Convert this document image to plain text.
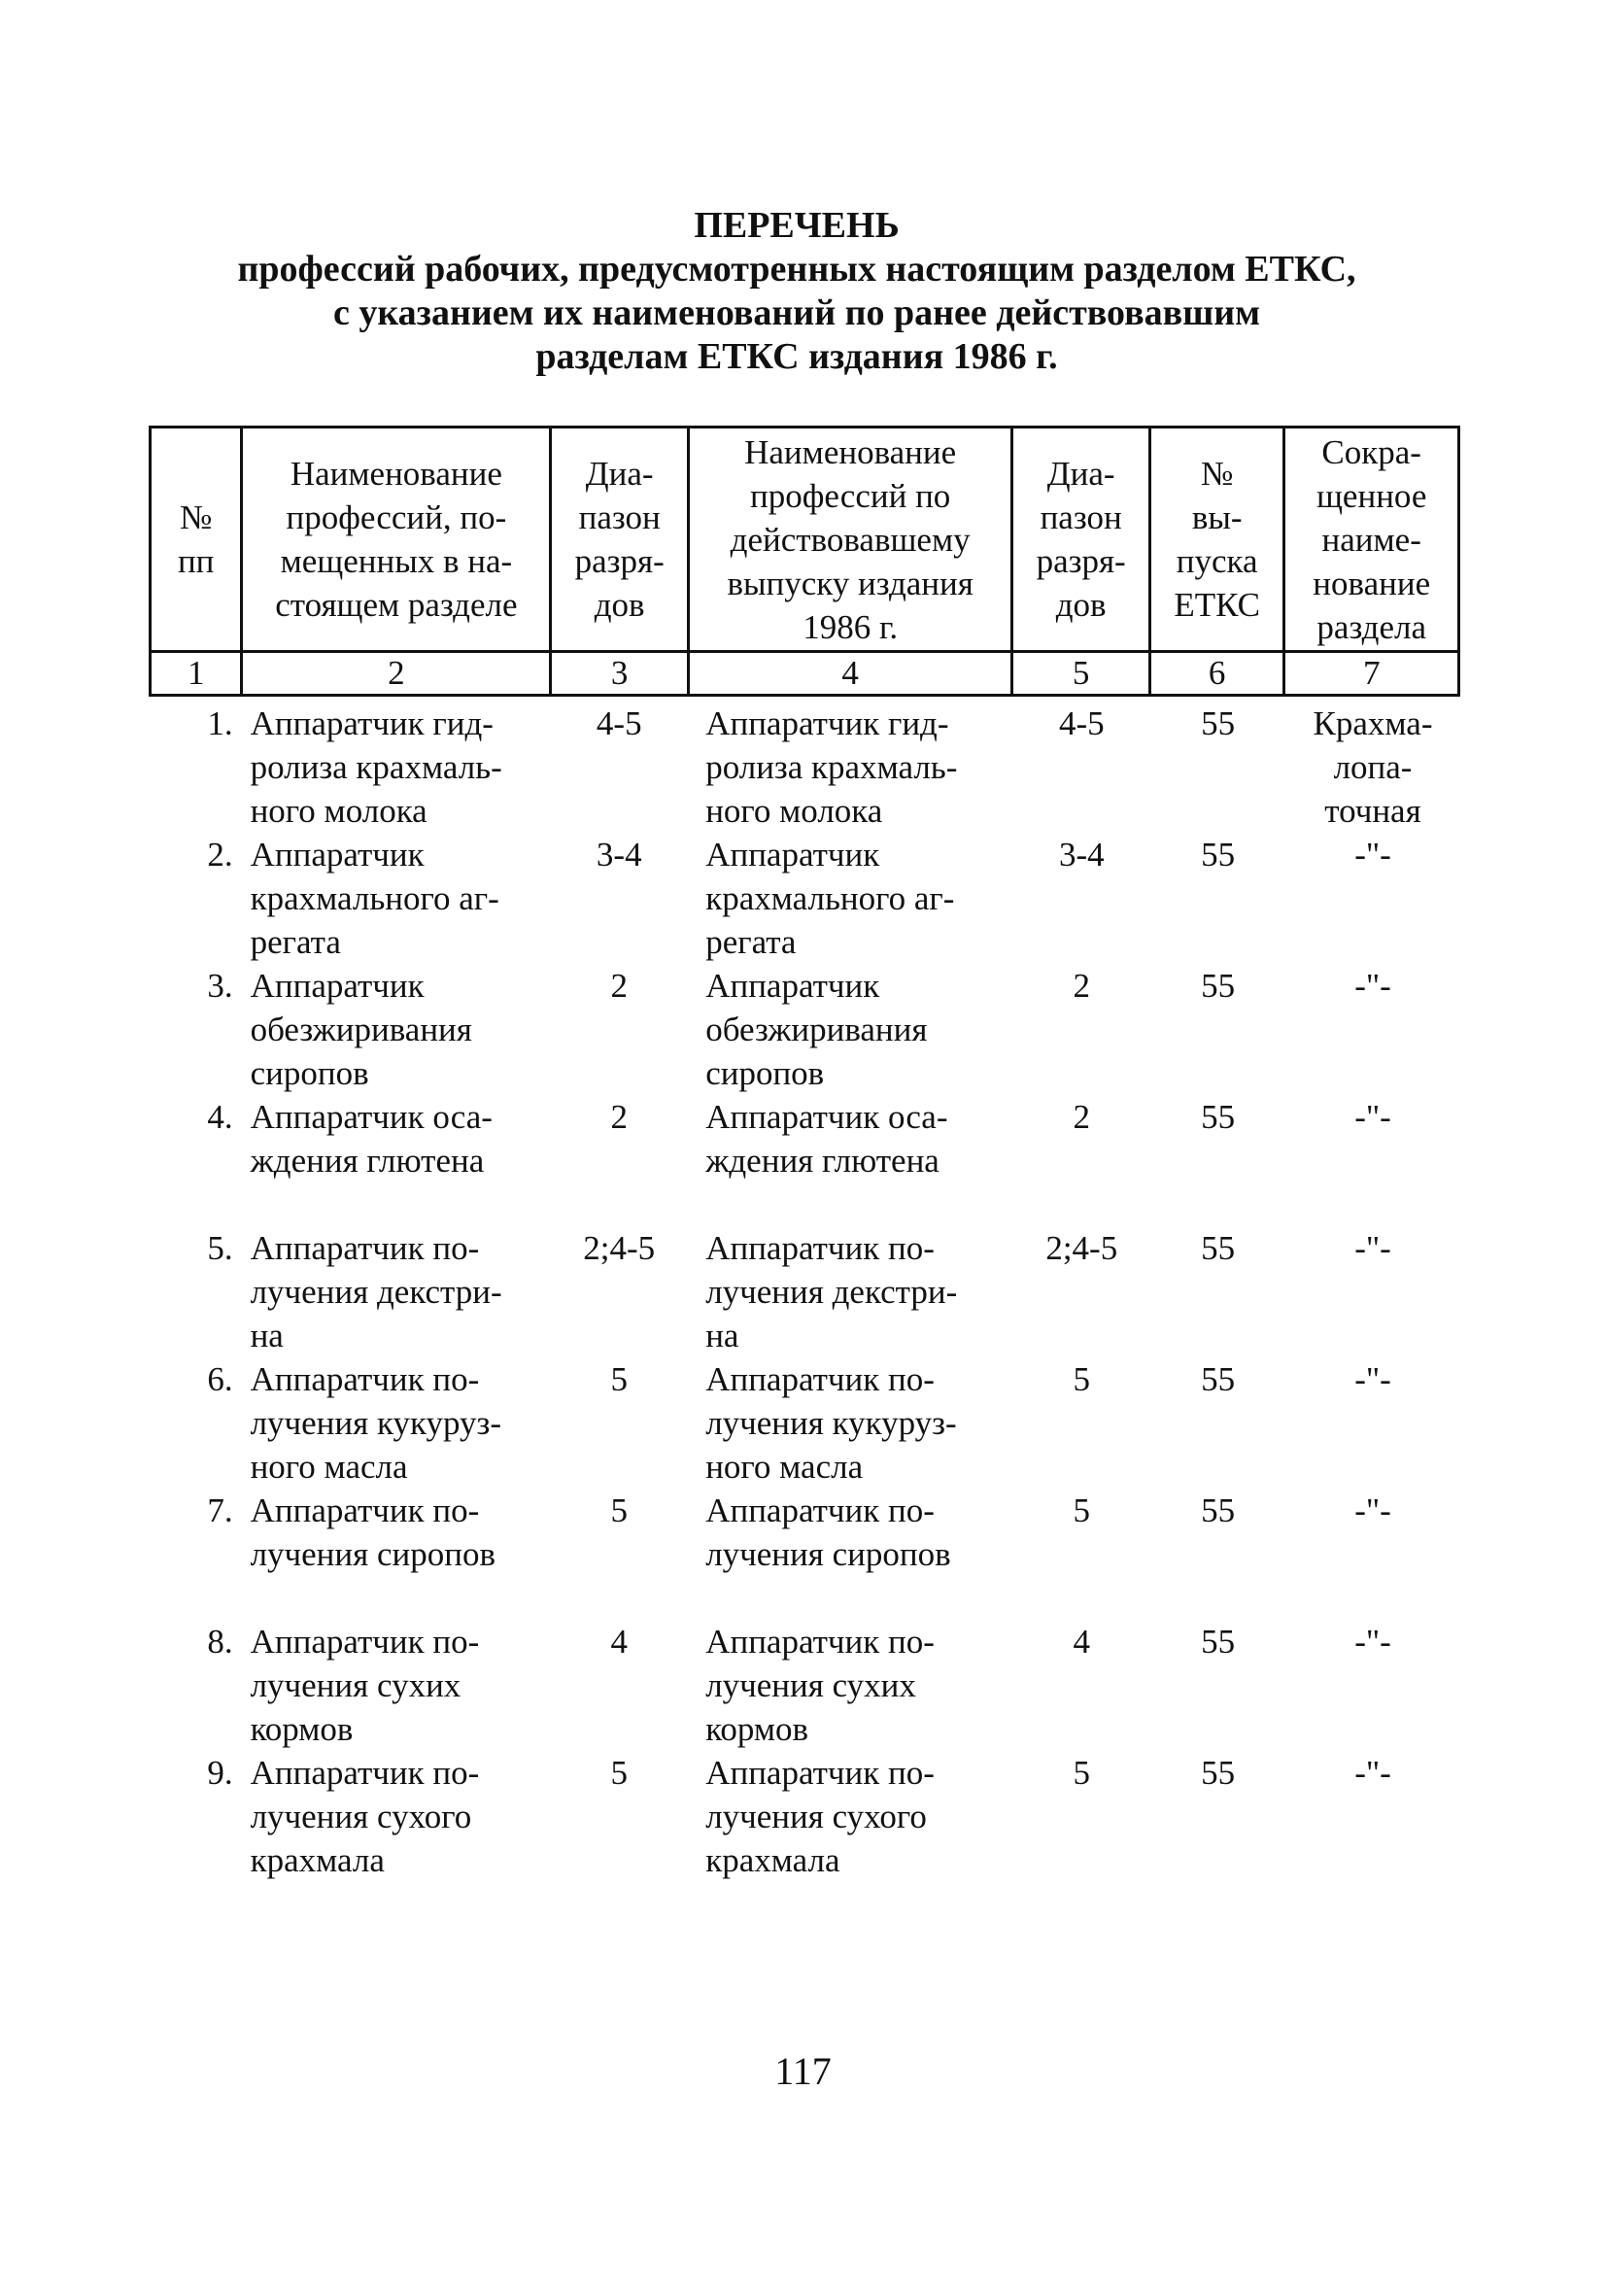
ПЕРЕЧЕНЬ
профессий рабочих, предусмотренных настоящим разделом ЕТКС,
с указанием их наименований по ранее действовавшим
разделам ЕТКС издания 1986 г.
№
пп	Наименование
профессий, по-
мещенных в на-
стоящем разделе	Диа-
пазон
разря-
дов	Наименование
профессий по
действовавшему
выпуску издания
1986 г.	Диа-
пазон
разря-
дов	№
вы-
пуска
ЕТКС	Сокра-
щенное
наиме-
нование
раздела
1	2	3	4	5	6	7
1.	Аппаратчик гид-
ролиза крахмаль-
ного молока	4-5	Аппаратчик гид-
ролиза крахмаль-
ного молока	4-5	55	Крахма-
лопа-
точная
2.	Аппаратчик
крахмального аг-
регата	3-4	Аппаратчик
крахмального аг-
регата	3-4	55	-"-
3.	Аппаратчик
обезжиривания
сиропов	2	Аппаратчик
обезжиривания
сиропов	2	55	-"-
4.	Аппаратчик оса-
ждения глютена	2	Аппаратчик оса-
ждения глютена	2	55	-"-

5.	Аппаратчик по-
лучения декстри-
на	2;4-5	Аппаратчик по-
лучения декстри-
на	2;4-5	55	-"-
6.	Аппаратчик по-
лучения кукуруз-
ного масла	5	Аппаратчик по-
лучения кукуруз-
ного масла	5	55	-"-
7.	Аппаратчик по-
лучения сиропов	5	Аппаратчик по-
лучения сиропов	5	55	-"-

8.	Аппаратчик по-
лучения сухих
кормов	4	Аппаратчик по-
лучения сухих
кормов	4	55	-"-
9.	Аппаратчик по-
лучения сухого
крахмала	5	Аппаратчик по-
лучения сухого
крахмала	5	55	-"-
117
